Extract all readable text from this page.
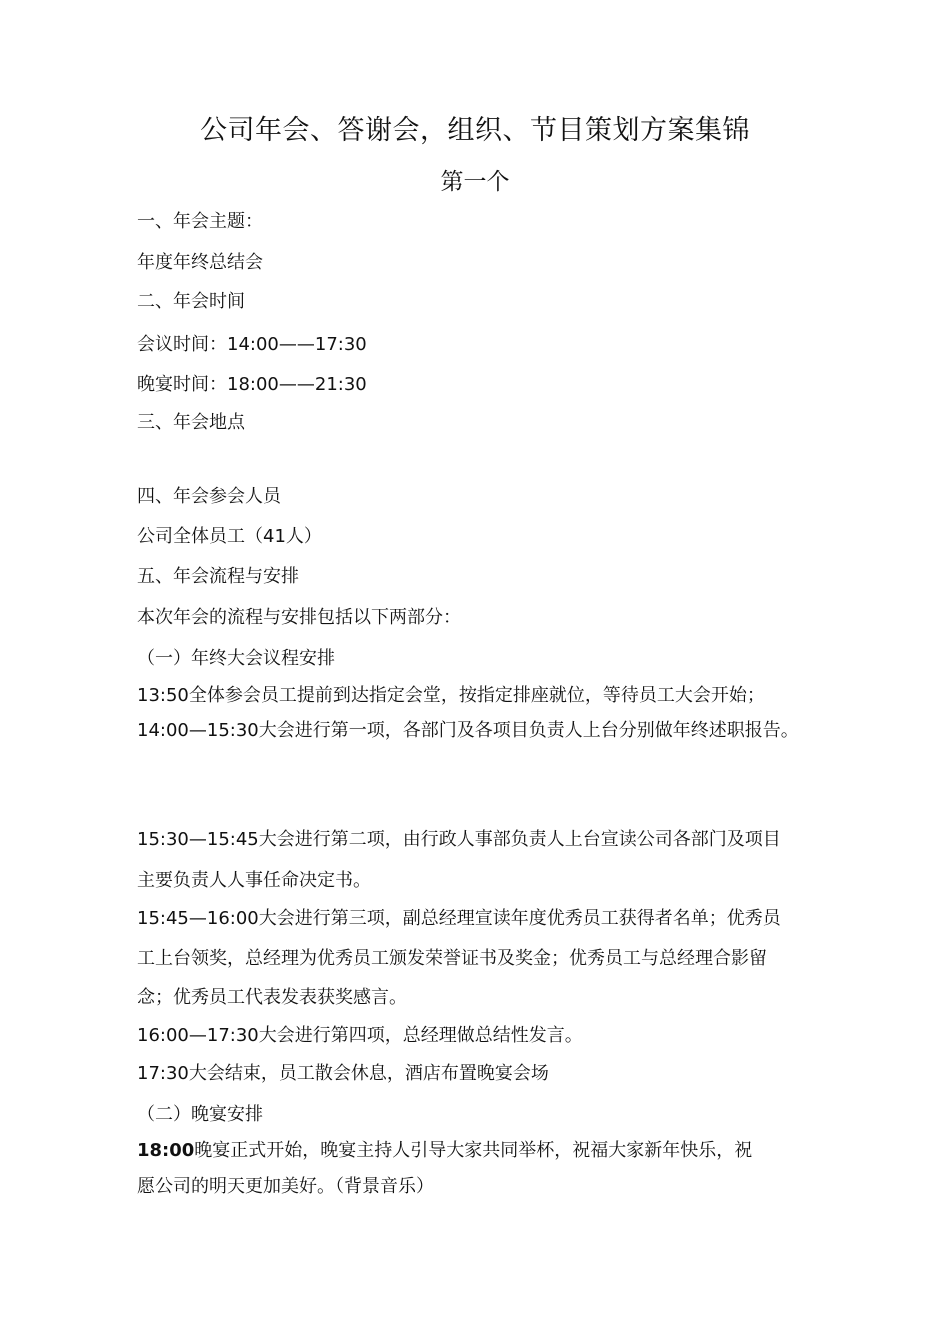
公司年会、答谢会，组织、节目策划方案集锦
第一个
一、年会主题：
年度年终总结会
二、年会时间
会议时间：14:00——17:30
晚宴时间：18:00——21:30
三、年会地点
四、年会参会人员
公司全体员工（41人）
五、年会流程与安排
本次年会的流程与安排包括以下两部分：
（一）年终大会议程安排
13:50全体参会员工提前到达指定会堂，按指定排座就位，等待员工大会开始；
14:00—15:30大会进行第一项，各部门及各项目负责人上台分别做年终述职报告。
15:30—15:45大会进行第二项，由行政人事部负责人上台宣读公司各部门及项目
主要负责人人事任命决定书。
15:45—16:00大会进行第三项，副总经理宣读年度优秀员工获得者名单；优秀员
工上台领奖，总经理为优秀员工颁发荣誉证书及奖金；优秀员工与总经理合影留
念；优秀员工代表发表获奖感言。
16:00—17:30大会进行第四项，总经理做总结性发言。
17:30大会结束，员工散会休息，酒店布置晚宴会场
（二）晚宴安排
18:00晚宴正式开始，晚宴主持人引导大家共同举杯，祝福大家新年快乐，祝
愿公司的明天更加美好。（背景音乐）
